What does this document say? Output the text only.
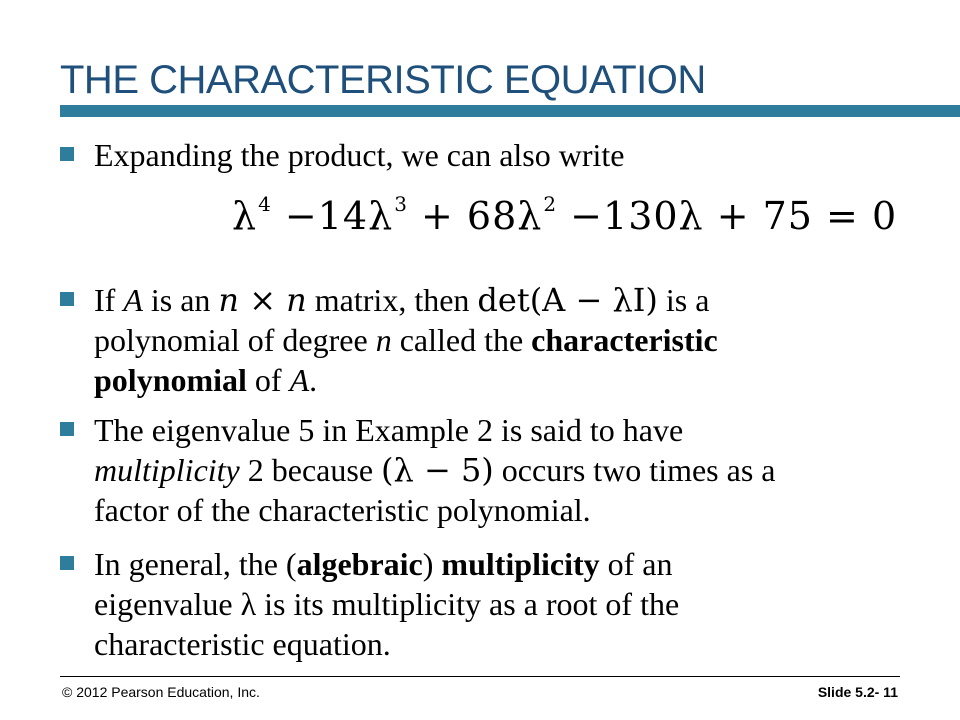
THE CHARACTERISTIC EQUATION
Expanding the product, we can also write
$\lambda^4 -14\lambda^3 + 68\lambda^2 -130\lambda + 75 = 0$
If A is an n × n matrix, then det(A − λI) is a
polynomial of degree n called the characteristic
polynomial of A.
The eigenvalue 5 in Example 2 is said to have
multiplicity 2 because (λ − 5) occurs two times as a
factor of the characteristic polynomial.
In general, the (algebraic) multiplicity of an
eigenvalue λ is its multiplicity as a root of the
characteristic equation.
© 2012 Pearson Education, Inc.	Slide 5.2- 11
